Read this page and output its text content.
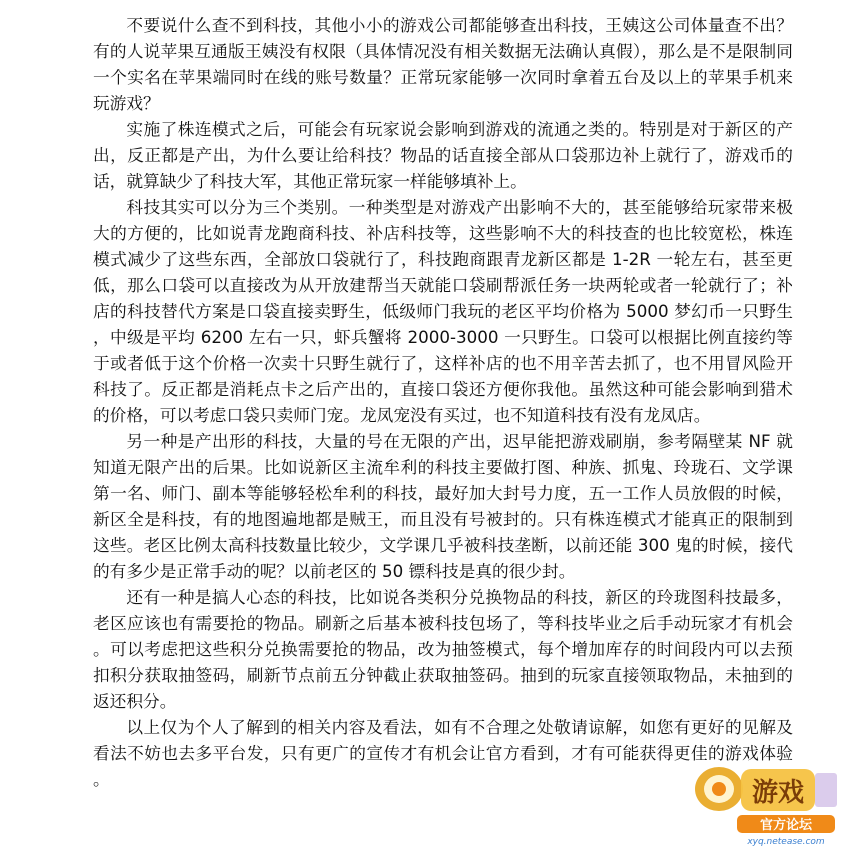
不要说什么查不到科技，其他小小的游戏公司都能够查出科技，王姨这公司体量查不出？有的人说苹果互通版王姨没有权限（具体情况没有相关数据无法确认真假），那么是不是限制同一个实名在苹果端同时在线的账号数量？正常玩家能够一次同时拿着五台及以上的苹果手机来玩游戏？

实施了株连模式之后，可能会有玩家说会影响到游戏的流通之类的。特别是对于新区的产出，反正都是产出，为什么要让给科技？物品的话直接全部从口袋那边补上就行了，游戏币的话，就算缺少了科技大军，其他正常玩家一样能够填补上。

科技其实可以分为三个类别。一种类型是对游戏产出影响不大的，甚至能够给玩家带来极大的方便的，比如说青龙跑商科技、补店科技等，这些影响不大的科技查的也比较宽松，株连模式减少了这些东西，全部放口袋就行了，科技跑商跟青龙新区都是 1-2R 一轮左右，甚至更低，那么口袋可以直接改为从开放建帮当天就能口袋刷帮派任务一块两轮或者一轮就行了；补店的科技替代方案是口袋直接卖野生，低级师门我玩的老区平均价格为 5000 梦幻币一只野生，中级是平均 6200 左右一只，虾兵蟹将 2000-3000 一只野生。口袋可以根据比例直接约等于或者低于这个价格一次卖十只野生就行了，这样补店的也不用辛苦去抓了，也不用冒风险开科技了。反正都是消耗点卡之后产出的，直接口袋还方便你我他。虽然这种可能会影响到猎术的价格，可以考虑口袋只卖师门宠。龙凤宠没有买过，也不知道科技有没有龙凤店。

另一种是产出形的科技，大量的号在无限的产出，迟早能把游戏刷崩，参考隔壁某 NF 就知道无限产出的后果。比如说新区主流牟利的科技主要做打图、种族、抓鬼、玲珑石、文学课第一名、师门、副本等能够轻松牟利的科技，最好加大封号力度，五一工作人员放假的时候，新区全是科技，有的地图遍地都是贼王，而且没有号被封的。只有株连模式才能真正的限制到这些。老区比例太高科技数量比较少，文学课几乎被科技垄断，以前还能 300 鬼的时候，接代的有多少是正常手动的呢？以前老区的 50 镖科技是真的很少封。

还有一种是搞人心态的科技，比如说各类积分兑换物品的科技，新区的玲珑图科技最多，老区应该也有需要抢的物品。刷新之后基本被科技包场了，等科技毕业之后手动玩家才有机会。可以考虑把这些积分兑换需要抢的物品，改为抽签模式，每个增加库存的时间段内可以去预扣积分获取抽签码，刷新节点前五分钟截止获取抽签码。抽到的玩家直接领取物品，未抽到的返还积分。

以上仅为个人了解到的相关内容及看法，如有不合理之处敬请谅解，如您有更好的见解及看法不妨也去多平台发，只有更广的宣传才有机会让官方看到，才有可能获得更佳的游戏体验。	游戏
官方论坛
xyq.netease.com
